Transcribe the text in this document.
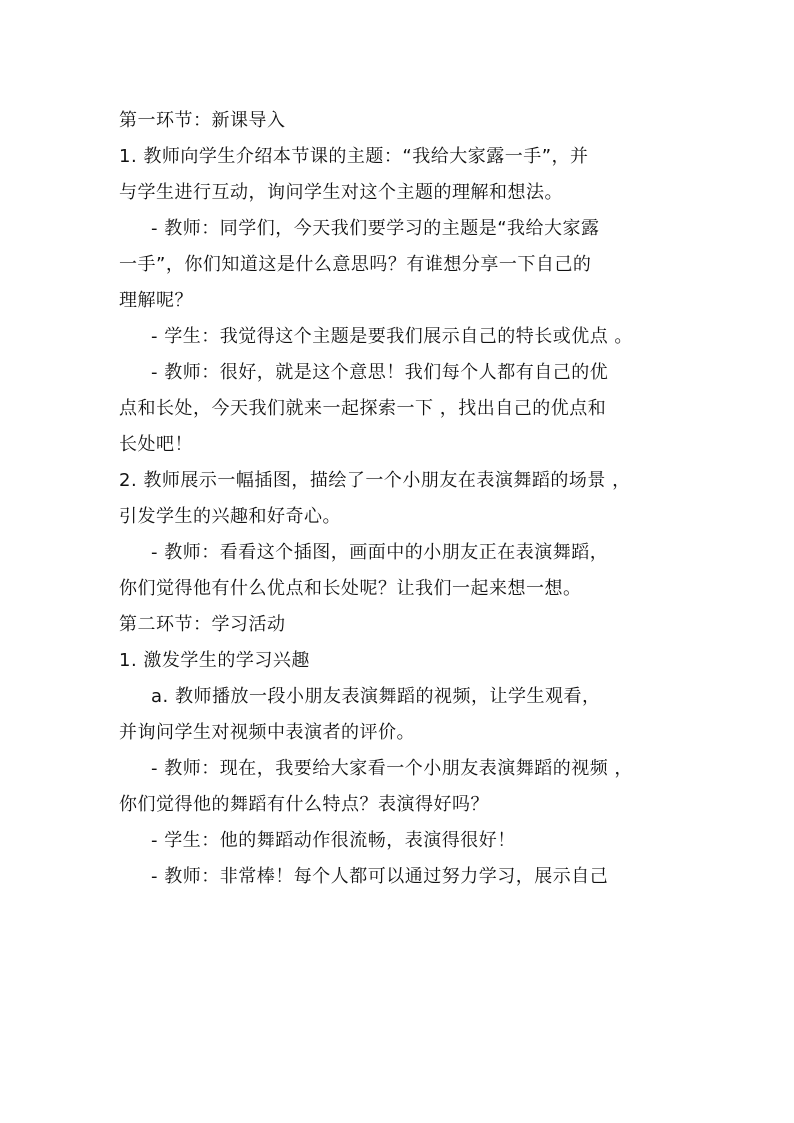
第一环节：新课导入
1. 教师向学生介绍本节课的主题：“我给大家露一手”，并
与学生进行互动，询问学生对这个主题的理解和想法。
- 教师：同学们，今天我们要学习的主题是“我给大家露
一手”，你们知道这是什么意思吗？有谁想分享一下自己的
理解呢？
- 学生：我觉得这个主题是要我们展示自己的特长或优点 。
- 教师：很好，就是这个意思！我们每个人都有自己的优
点和长处，今天我们就来一起探索一下 ，找出自己的优点和
长处吧！
2. 教师展示一幅插图，描绘了一个小朋友在表演舞蹈的场景 ，
引发学生的兴趣和好奇心。
- 教师：看看这个插图，画面中的小朋友正在表演舞蹈，
你们觉得他有什么优点和长处呢？让我们一起来想一想。
第二环节：学习活动
1. 激发学生的学习兴趣
a. 教师播放一段小朋友表演舞蹈的视频，让学生观看，
并询问学生对视频中表演者的评价。
- 教师：现在，我要给大家看一个小朋友表演舞蹈的视频 ，
你们觉得他的舞蹈有什么特点？表演得好吗？
- 学生：他的舞蹈动作很流畅，表演得很好！
- 教师：非常棒！每个人都可以通过努力学习，展示自己
